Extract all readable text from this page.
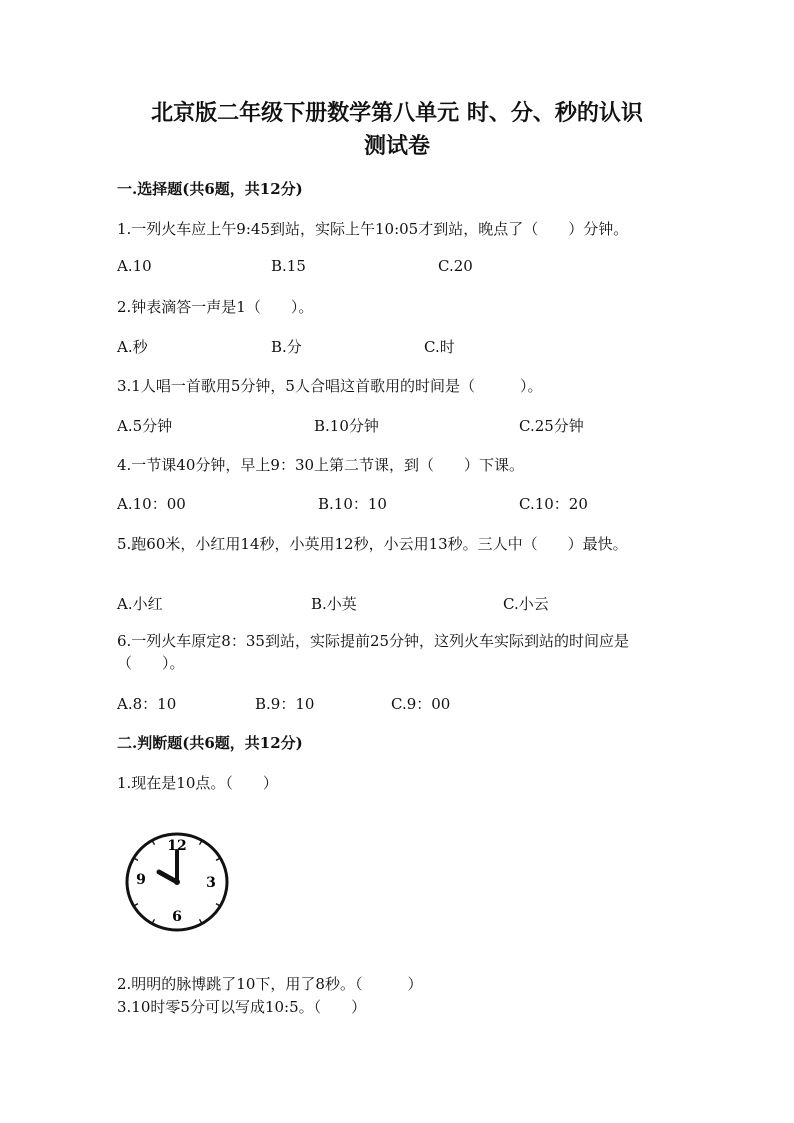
北京版二年级下册数学第八单元 时、分、秒的认识
测试卷
一.选择题(共6题，共12分)
1.一列火车应上午9:45到站，实际上午10:05才到站，晚点了（　　）分钟。
A.10	B.15	C.20
2.钟表滴答一声是1（　　）。
A.秒	B.分	C.时
3.1人唱一首歌用5分钟，5人合唱这首歌用的时间是（　　　）。
A.5分钟	B.10分钟	C.25分钟
4.一节课40分钟，早上9：30上第二节课，到（　　）下课。
A.10：00	B.10：10	C.10：20
5.跑60米，小红用14秒，小英用12秒，小云用13秒。三人中（　　）最快。
A.小红	B.小英	C.小云
6.一列火车原定8：35到站，实际提前25分钟，这列火车实际到站的时间应是（　　）。
A.8：10	B.9：10	C.9：00
二.判断题(共6题，共12分)
1.现在是10点。（　　）
12
3
6
9
2.明明的脉博跳了10下，用了8秒。（　　　）
3.10时零5分可以写成10:5。（　　）
